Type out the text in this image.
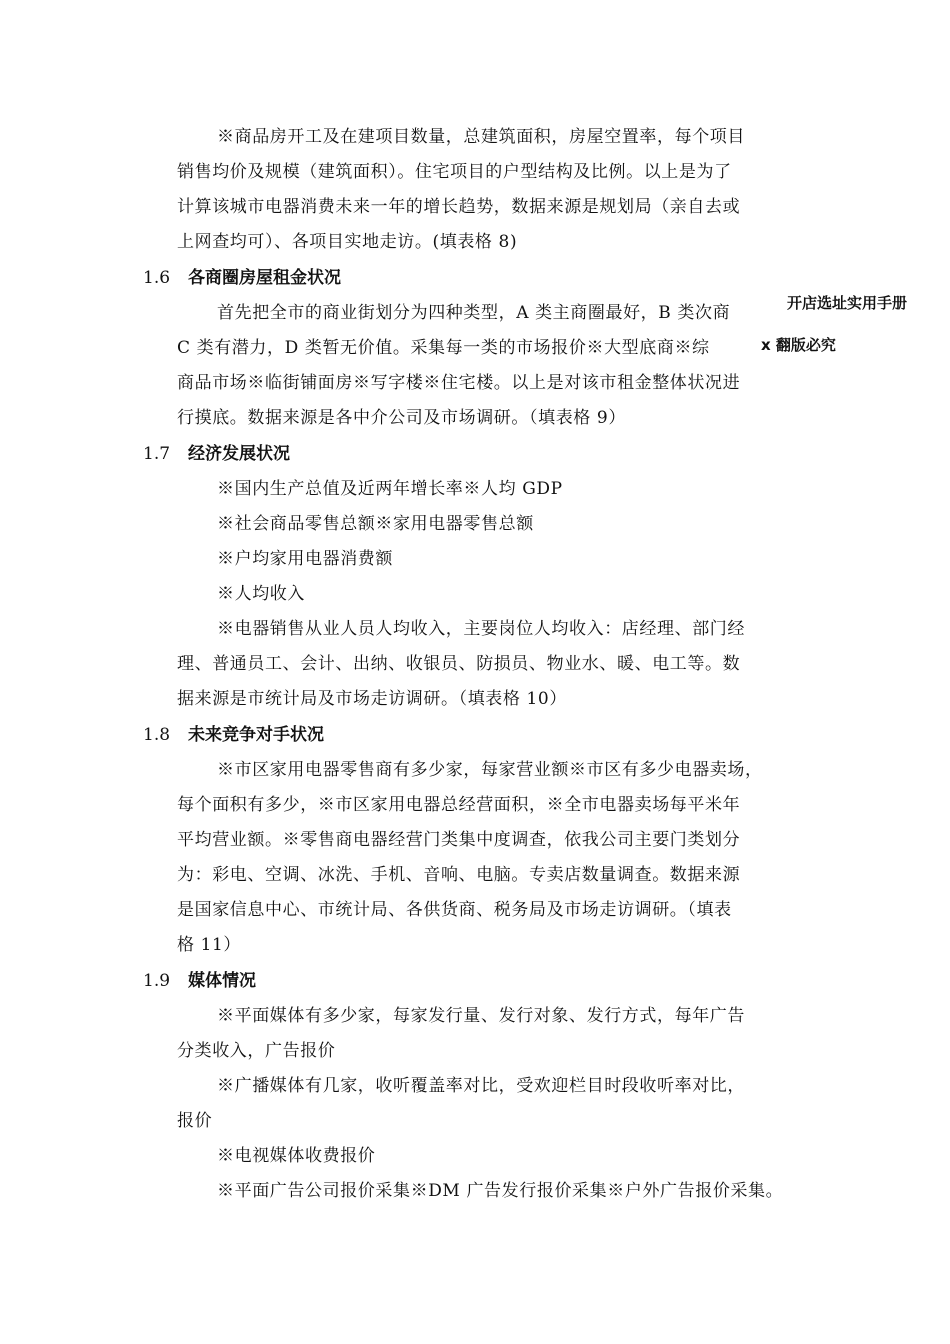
※商品房开工及在建项目数量，总建筑面积，房屋空置率，每个项目
销售均价及规模（建筑面积）。住宅项目的户型结构及比例。以上是为了
计算该城市电器消费未来一年的增长趋势，数据来源是规划局（亲自去或
上网查均可）、各项目实地走访。(填表格 8)
1.6 各商圈房屋租金状况
首先把全市的商业街划分为四种类型，A 类主商圈最好，B 类次商
C 类有潜力，D 类暂无价值。采集每一类的市场报价※大型底商※综
商品市场※临街铺面房※写字楼※住宅楼。以上是对该市租金整体状况进
行摸底。数据来源是各中介公司及市场调研。（填表格 9）
开店选址实用手册
x 翻版必究
1.7 经济发展状况
※国内生产总值及近两年增长率※人均 GDP
※社会商品零售总额※家用电器零售总额
※户均家用电器消费额
※人均收入
※电器销售从业人员人均收入，主要岗位人均收入：店经理、部门经
理、普通员工、会计、出纳、收银员、防损员、物业水、暖、电工等。数
据来源是市统计局及市场走访调研。（填表格 10）
1.8 未来竞争对手状况
※市区家用电器零售商有多少家，每家营业额※市区有多少电器卖场，
每个面积有多少，※市区家用电器总经营面积，※全市电器卖场每平米年
平均营业额。※零售商电器经营门类集中度调查，依我公司主要门类划分
为：彩电、空调、冰洗、手机、音响、电脑。专卖店数量调查。数据来源
是国家信息中心、市统计局、各供货商、税务局及市场走访调研。（填表
格 11）
1.9 媒体情况
※平面媒体有多少家，每家发行量、发行对象、发行方式，每年广告
分类收入，广告报价
※广播媒体有几家，收听覆盖率对比，受欢迎栏目时段收听率对比，
报价
※电视媒体收费报价
※平面广告公司报价采集※DM 广告发行报价采集※户外广告报价采集。
